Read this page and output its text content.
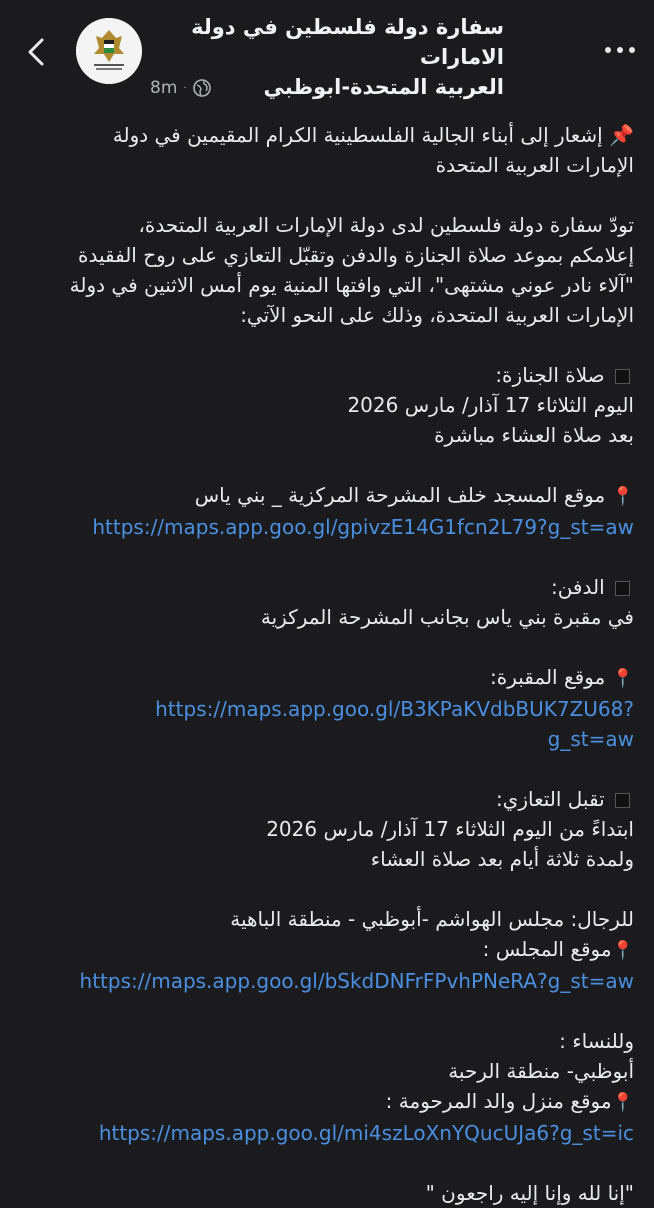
سفارة دولة فلسطين في دولة الامارات
العربية المتحدة-ابوظبي
8m ·

📌 إشعار إلى أبناء الجالية الفلسطينية الكرام المقيمين في دولة

الإمارات العربية المتحدة

تودّ سفارة دولة فلسطين لدى دولة الإمارات العربية المتحدة،

إعلامكم بموعد صلاة الجنازة والدفن وتقبّل التعازي على روح الفقيدة

"آلاء نادر عوني مشتهى"، التي وافتها المنية يوم أمس الاثنين في دولة

الإمارات العربية المتحدة، وذلك على النحو الآتي:

صلاة الجنازة:

اليوم الثلاثاء 17 آذار/ مارس 2026

بعد صلاة العشاء مباشرة

📍 موقع المسجد خلف المشرحة المركزية _ بني ياس

https://maps.app.goo.gl/gpivzE14G1fcn2L79?g_st=aw

الدفن:

في مقبرة بني ياس بجانب المشرحة المركزية

📍 موقع المقبرة:

https://maps.app.goo.gl/B3KPaKVdbBUK7ZU68?
g_st=aw

تقبل التعازي:

ابتداءً من اليوم الثلاثاء 17 آذار/ مارس 2026

ولمدة ثلاثة أيام بعد صلاة العشاء

للرجال: مجلس الهواشم -أبوظبي - منطقة الباهية

📍موقع المجلس :

https://maps.app.goo.gl/bSkdDNFrFPvhPNeRA?g_st=aw

وللنساء :

أبوظبي- منطقة الرحبة

📍موقع منزل والد المرحومة :

https://maps.app.goo.gl/mi4szLoXnYQucUJa6?g_st=ic

"إنا لله وإنا إليه راجعون "
